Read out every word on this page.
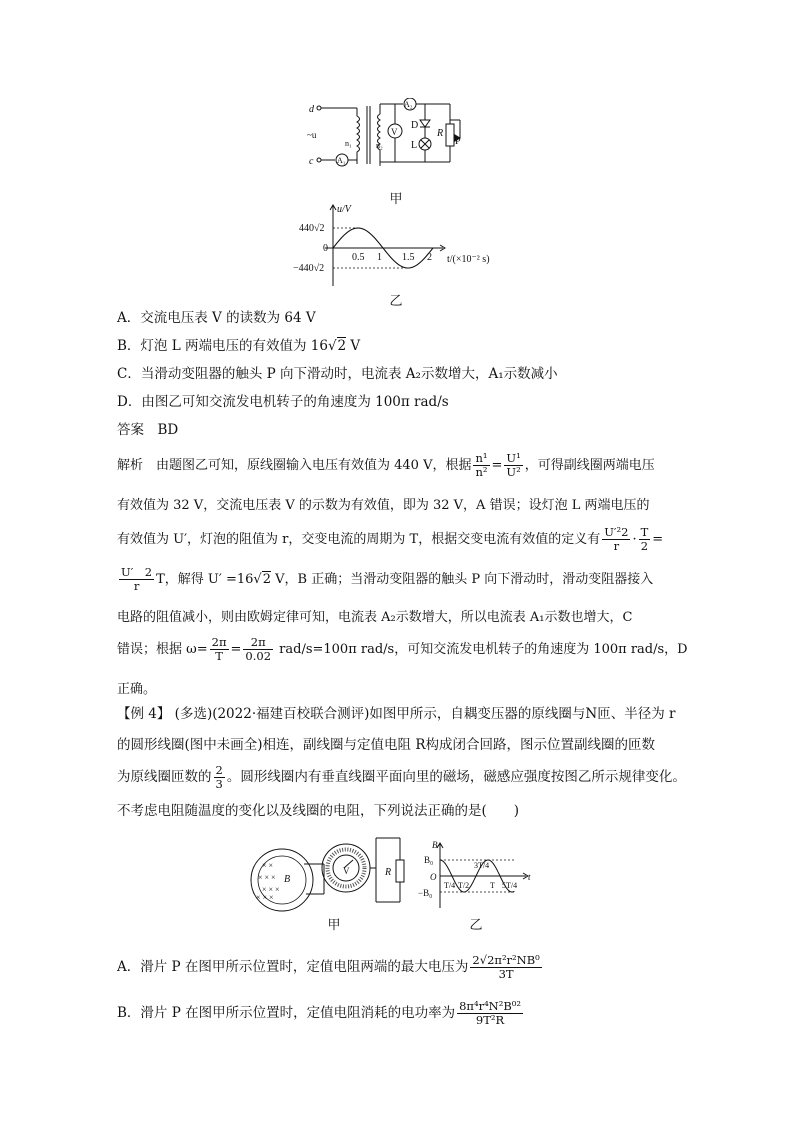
d
c
~u
n₁	n₂
A₂
A₁
V
D
L
R
P
甲
u/V
440√2
0
−440√2
0.5 1 1.5 2 t/(×10⁻² s)
乙
A．交流电压表 V 的读数为 64 V
B．灯泡 L 两端电压的有效值为 16√2 V
C．当滑动变阻器的触头 P 向下滑动时，电流表 A₂示数增大，A₁示数减小
D．由图乙可知交流发电机转子的角速度为 100π rad/s
答案　BD
解析　由题图乙可知，原线圈输入电压有效值为 440 V，根据 $\frac{\text{n¹}}{\text{n²}} = \frac{\text{U¹}}{\text{U²}}$ ，可得副线圈两端电压
有效值为 32 V，交流电压表 V 的示数为有效值，即为 32 V，A 错误；设灯泡 L 两端电压的
有效值为 U′，灯泡的阻值为 r，交变电流的周期为 T，根据交变电流有效值的定义有 $\frac{\text{U′²2}}{r} \cdot \frac{T}{2}$ =
$\frac{U' 2}{r}$ T，解得 U′ =16√2 V，B 正确；当滑动变阻器的触头 P 向下滑动时，滑动变阻器接入
电路的阻值减小，则由欧姆定律可知，电流表 A₂示数增大，所以电流表 A₁示数也增大，C
错误；根据 $\omega= \frac{2\pi}{T} = \frac{2\pi}{0.02} rad/s=100\pi$ rad/s，可知交流发电机转子的角速度为 100π rad/s，D
正确。
【例 4】 (多选)(2022·福建百校联合测评)如图甲所示，自耦变压器的原线圈与N匝、半径为 r
的圆形线圈(图中未画全)相连，副线圈与定值电阻 R构成闭合回路，图示位置副线圈的匝数
为原线圈匝数的 $\frac{2}{3}$ 。圆形线圈内有垂直线圈平面向里的磁场，磁感应强度按图乙所示规律变化。
不考虑电阻随温度的变化以及线圈的电阻，下列说法正确的是(　　)
× ×
× × ×
× × ×
× × ×
B
V	R
甲
B
B₀
O
−B₀
t
T/4 T/2
3T/4
T 5T/4
乙
A．滑片 P 在图甲所示位置时，定值电阻两端的最大电压为 $\frac{\text{2√2π²r²NB⁰}}{3T}$
B．滑片 P 在图甲所示位置时，定值电阻消耗的电功率为 $\frac{\text{8π⁴r⁴N²B⁰²}}{\text{9T²R}}$
